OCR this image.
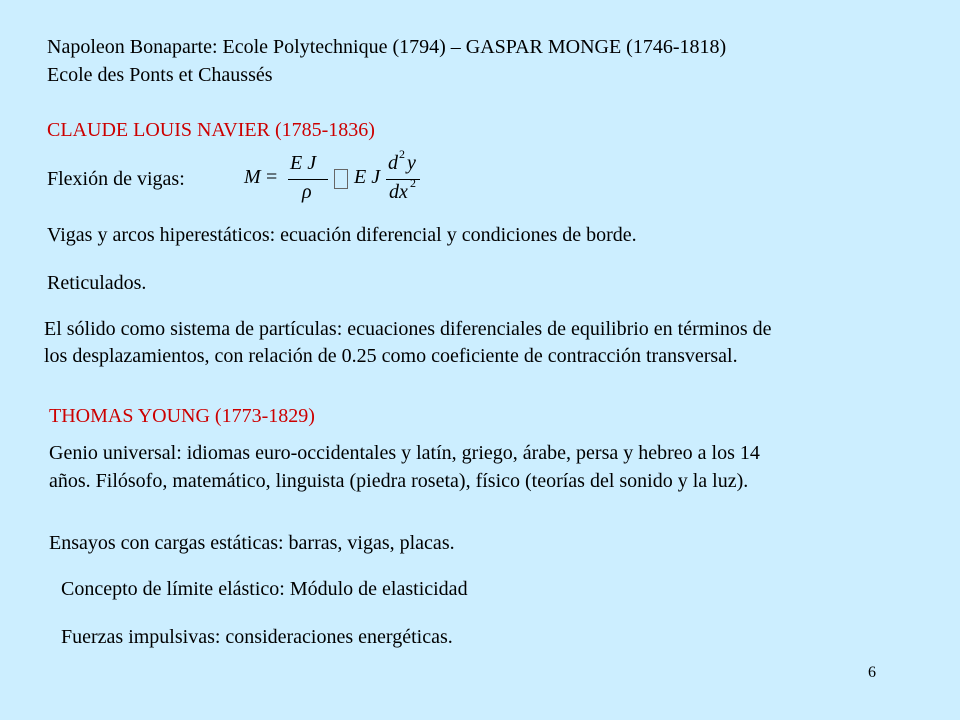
Napoleon Bonaparte: Ecole Polytechnique (1794) – GASPAR MONGE (1746-1818)
Ecole des Ponts et Chaussés
CLAUDE LOUIS NAVIER (1785-1836)
Flexión de vigas:	M =
E J
ρ
E J
d 2 y
dx 2
Vigas y arcos hiperestáticos: ecuación diferencial y condiciones de borde.
Reticulados.
El sólido como sistema de partículas: ecuaciones diferenciales de equilibrio en términos de
los desplazamientos, con relación de 0.25 como coeficiente de contracción transversal.
THOMAS YOUNG (1773-1829)
Genio universal: idiomas euro-occidentales y latín, griego, árabe, persa y hebreo a los 14
años. Filósofo, matemático, linguista (piedra roseta), físico (teorías del sonido y la luz).
Ensayos con cargas estáticas: barras, vigas, placas.
Concepto de límite elástico: Módulo de elasticidad
Fuerzas impulsivas: consideraciones energéticas.
6
